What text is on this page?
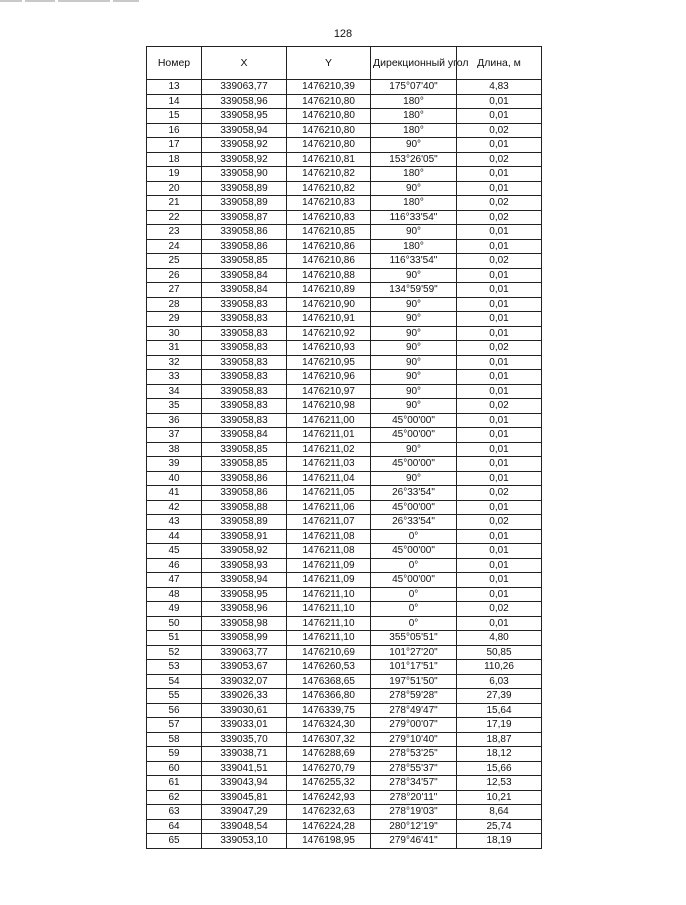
128
Номер	X	Y	Дирекционный угол	Длина, м
13	339063,77	1476210,39	175°07'40"	4,83
14	339058,96	1476210,80	180°	0,01
15	339058,95	1476210,80	180°	0,01
16	339058,94	1476210,80	180°	0,02
17	339058,92	1476210,80	90°	0,01
18	339058,92	1476210,81	153°26'05"	0,02
19	339058,90	1476210,82	180°	0,01
20	339058,89	1476210,82	90°	0,01
21	339058,89	1476210,83	180°	0,02
22	339058,87	1476210,83	116°33'54"	0,02
23	339058,86	1476210,85	90°	0,01
24	339058,86	1476210,86	180°	0,01
25	339058,85	1476210,86	116°33'54"	0,02
26	339058,84	1476210,88	90°	0,01
27	339058,84	1476210,89	134°59'59"	0,01
28	339058,83	1476210,90	90°	0,01
29	339058,83	1476210,91	90°	0,01
30	339058,83	1476210,92	90°	0,01
31	339058,83	1476210,93	90°	0,02
32	339058,83	1476210,95	90°	0,01
33	339058,83	1476210,96	90°	0,01
34	339058,83	1476210,97	90°	0,01
35	339058,83	1476210,98	90°	0,02
36	339058,83	1476211,00	45°00'00"	0,01
37	339058,84	1476211,01	45°00'00"	0,01
38	339058,85	1476211,02	90°	0,01
39	339058,85	1476211,03	45°00'00"	0,01
40	339058,86	1476211,04	90°	0,01
41	339058,86	1476211,05	26°33'54"	0,02
42	339058,88	1476211,06	45°00'00"	0,01
43	339058,89	1476211,07	26°33'54"	0,02
44	339058,91	1476211,08	0°	0,01
45	339058,92	1476211,08	45°00'00"	0,01
46	339058,93	1476211,09	0°	0,01
47	339058,94	1476211,09	45°00'00"	0,01
48	339058,95	1476211,10	0°	0,01
49	339058,96	1476211,10	0°	0,02
50	339058,98	1476211,10	0°	0,01
51	339058,99	1476211,10	355°05'51"	4,80
52	339063,77	1476210,69	101°27'20"	50,85
53	339053,67	1476260,53	101°17'51"	110,26
54	339032,07	1476368,65	197°51'50"	6,03
55	339026,33	1476366,80	278°59'28"	27,39
56	339030,61	1476339,75	278°49'47"	15,64
57	339033,01	1476324,30	279°00'07"	17,19
58	339035,70	1476307,32	279°10'40"	18,87
59	339038,71	1476288,69	278°53'25"	18,12
60	339041,51	1476270,79	278°55'37"	15,66
61	339043,94	1476255,32	278°34'57"	12,53
62	339045,81	1476242,93	278°20'11"	10,21
63	339047,29	1476232,63	278°19'03"	8,64
64	339048,54	1476224,28	280°12'19"	25,74
65	339053,10	1476198,95	279°46'41"	18,19
